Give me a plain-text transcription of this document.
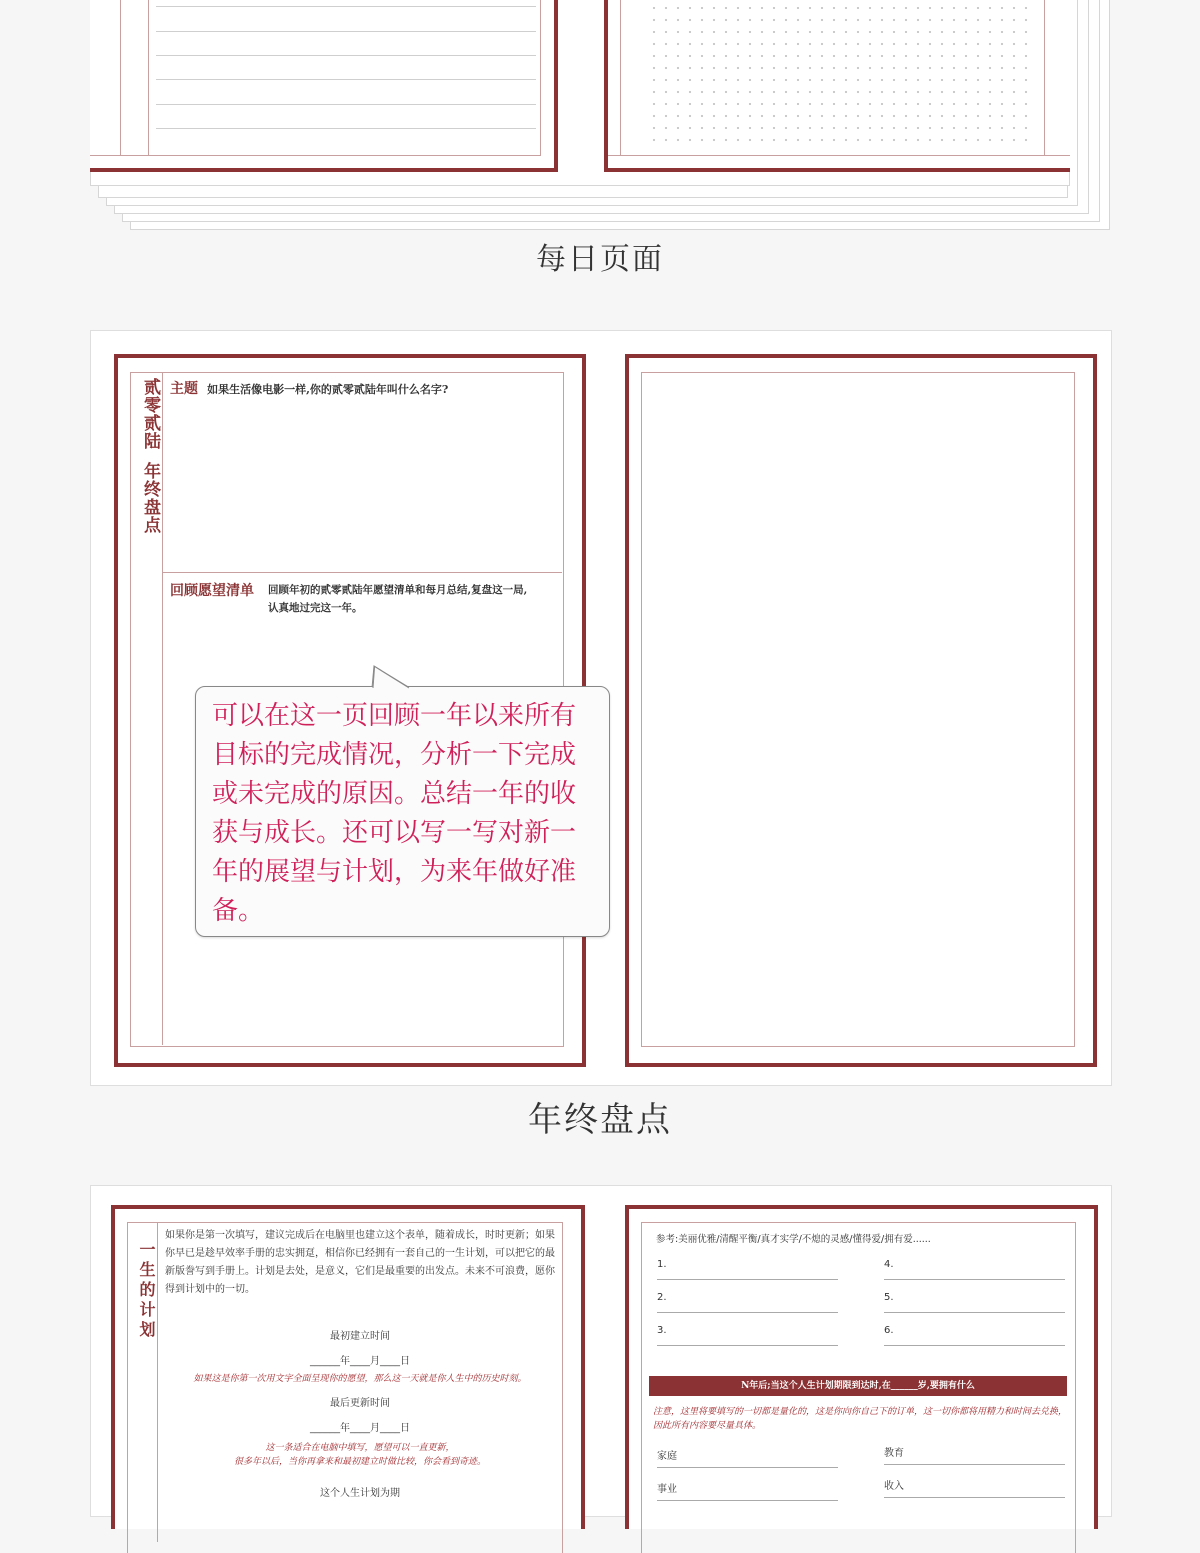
每日页面
贰零贰陆
年终盘点
主题 如果生活像电影一样,你的贰零贰陆年叫什么名字?
回顾愿望清单 回顾年初的贰零贰陆年愿望清单和每月总结,复盘这一局,
认真地过完这一年。
可以在这一页回顾一年以来所有目标的完成情况，分析一下完成或未完成的原因。总结一年的收获与成长。还可以写一写对新一年的展望与计划，为来年做好准备。
年终盘点
一生的计划
如果你是第一次填写，建议完成后在电脑里也建立这个表单，随着成长，时时更新；如果你早已是趁早效率手册的忠实拥趸，相信你已经拥有一套自己的一生计划，可以把它的最新版誊写到手册上。计划是去处，是意义，它们是最重要的出发点。未来不可浪费，愿你得到计划中的一切。
最初建立时间
______年____月____日
如果这是你第一次用文字全面呈现你的愿望，那么这一天就是你人生中的历史时刻。
最后更新时间
______年____月____日
这一条适合在电脑中填写，愿望可以一直更新，
很多年以后，当你再拿来和最初建立时做比较，你会看到奇迹。
这个人生计划为期
参考:美丽优雅/清醒平衡/真才实学/不熄的灵感/懂得爱/拥有爱......
1.
2.
3.
4.
5.
6.
N年后;当这个人生计划期限到达时,在______岁,要拥有什么
注意，这里将要填写的一切都是量化的，这是你向你自己下的订单，这一切你都将用精力和时间去兑换，因此所有内容要尽量具体。
家庭	教育
事业	收入
